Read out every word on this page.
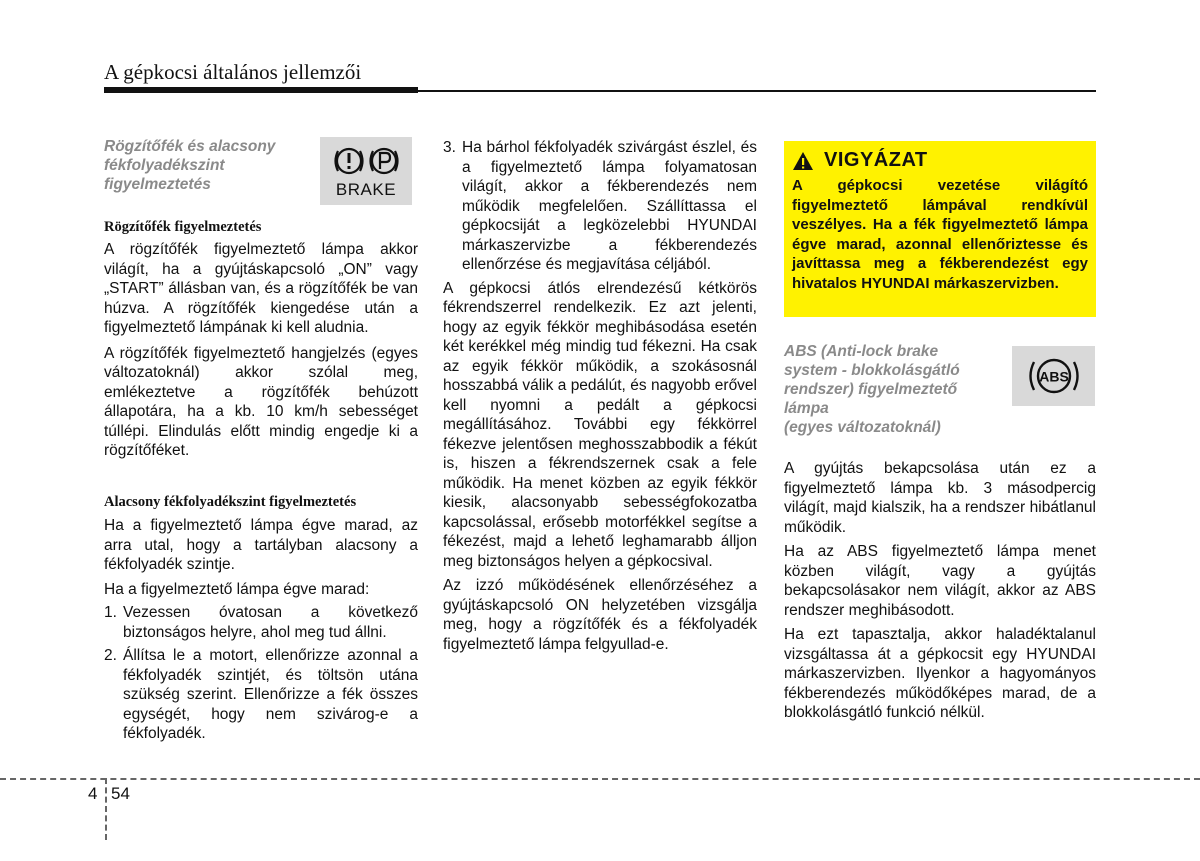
A gépkocsi általános jellemzői
Rögzítőfék és alacsony
fékfolyadékszint
figyelmeztetés
Rögzítőfék figyelmeztetés

A rögzítőfék figyelmeztető lámpa akkor világít, ha a gyújtáskapcsoló „ON” vagy „START” állásban van, és a rögzítőfék be van húzva. A rögzítőfék kiengedése után a figyelmeztető lámpának ki kell aludnia.

A rögzítőfék figyelmeztető hangjelzés (egyes változatoknál) akkor szólal meg, emlékeztetve a rögzítőfék behúzott állapotára, ha a kb. 10 km/h sebességet túllépi. Elindulás előtt mindig engedje ki a rögzítőféket.

Alacsony fékfolyadékszint figyelmeztetés

Ha a figyelmeztető lámpa égve marad, az arra utal, hogy a tartályban alacsony a fékfolyadék szintje.

Ha a figyelmeztető lámpa égve marad:

1. Vezessen óvatosan a következő biztonságos helyre, ahol meg tud állni.
2. Állítsa le a motort, ellenőrizze azonnal a fékfolyadék szintjét, és töltsön utána szükség szerint. Ellenőrizze a fék összes egységét, hogy nem szivárog-e a fékfolyadék.
BRAKE
3. Ha bárhol fékfolyadék szivárgást észlel, és a figyelmeztető lámpa folyamatosan világít, akkor a fékberendezés nem működik megfelelően. Szállíttassa el gépkocsiját a legközelebbi HYUNDAI márkaszervizbe a fékberendezés ellenőrzése és megjavítása céljából.

A gépkocsi átlós elrendezésű kétkörös fékrendszerrel rendelkezik. Ez azt jelenti, hogy az egyik fékkör meghibásodása esetén két kerékkel még mindig tud fékezni. Ha csak az egyik fékkör működik, a szokásosnál hosszabbá válik a pedálút, és nagyobb erővel kell nyomni a pedált a gépkocsi megállításához. További egy fékkörrel fékezve jelentősen meghosszabbodik a fékút is, hiszen a fékrendszernek csak a fele működik. Ha menet közben az egyik fékkör kiesik, alacsonyabb sebességfokozatba kapcsolással, erősebb motorfékkel segítse a fékezést, majd a lehető leghamarabb álljon meg biztonságos helyen a gépkocsival.

Az izzó működésének ellenőrzéséhez a gyújtáskapcsoló ON helyzetében vizsgálja meg, hogy a rögzítőfék és a fékfolyadék figyelmeztető lámpa felgyullad-e.

VIGYÁZAT
A gépkocsi vezetése világító figyelmeztető lámpával rendkívül veszélyes. Ha a fék figyelmeztető lámpa égve marad, azonnal ellenőriztesse és javíttassa meg a fékberendezést egy hivatalos HYUNDAI márkaszervizben.
ABS (Anti-lock brake
system - blokkolásgátló
rendszer) figyelmeztető
lámpa
(egyes változatoknál)

A gyújtás bekapcsolása után ez a figyelmeztető lámpa kb. 3 másodpercig világít, majd kialszik, ha a rendszer hibátlanul működik.

Ha az ABS figyelmeztető lámpa menet közben világít, vagy a gyújtás bekapcsolásakor nem világít, akkor az ABS rendszer meghibásodott.

Ha ezt tapasztalja, akkor haladéktalanul vizsgáltassa át a gépkocsit egy HYUNDAI márkaszervizben. Ilyenkor a hagyományos fékberendezés működőképes marad, de a blokkolásgátló funkció nélkül.

ABS
4 54
